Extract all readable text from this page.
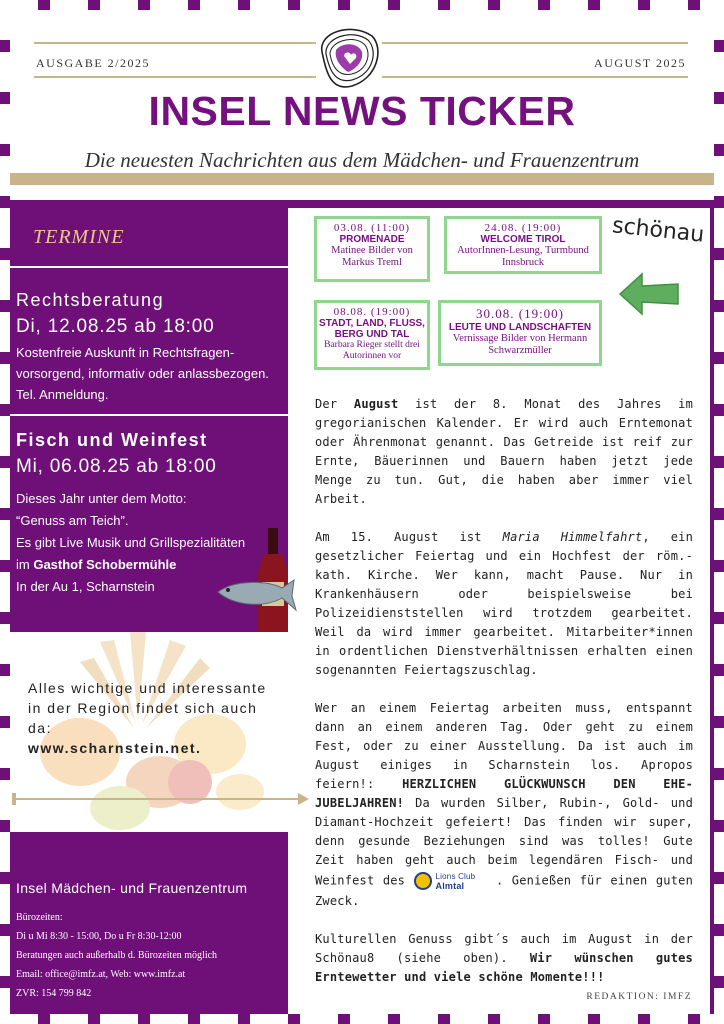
AUSGABE 2/2025	AUGUST 2025
INSEL NEWS TICKER
Die neuesten Nachrichten aus dem Mädchen- und Frauenzentrum
03.08. (11:00)
PROMENADE
Matinee Bilder von Markus Treml
24.08. (19:00)
WELCOME TIROL
AutorInnen-Lesung, Turmbund Innsbruck
08.08. (19:00)
STADT, LAND, FLUSS, BERG UND TAL
Barbara Rieger stellt drei Autorinnen vor
30.08. (19:00)
LEUTE UND LANDSCHAFTEN
Vernissage Bilder von Hermann Schwarzmüller
schönau

Der August ist der 8. Monat des Jahres im gregorianischen Kalender. Er wird auch Erntemonat oder Ährenmonat genannt. Das Getreide ist reif zur Ernte, Bäuerinnen und Bauern haben jetzt jede Menge zu tun. Gut, die haben aber immer viel Arbeit.

Am 15. August ist Maria Himmelfahrt, ein gesetzlicher Feiertag und ein Hochfest der röm.-kath. Kirche. Wer kann, macht Pause. Nur in Krankenhäusern oder beispielsweise bei Polizeidienststellen wird trotzdem gearbeitet. Weil da wird immer gearbeitet. Mitarbeiter*innen in ordentlichen Dienstverhältnissen erhalten einen sogenannten Feiertagszuschlag.

Wer an einem Feiertag arbeiten muss, entspannt dann an einem anderen Tag. Oder geht zu einem Fest, oder zu einer Ausstellung. Da ist auch im August einiges in Scharnstein los. Apropos feiern!: HERZLICHEN GLÜCKWUNSCH DEN EHE-JUBELJAHREN! Da wurden Silber, Rubin-, Gold- und Diamant-Hochzeit gefeiert! Das finden wir super, denn gesunde Beziehungen sind was tolles! Gute Zeit haben geht auch beim legendären Fisch- und Weinfest des	Lions Club
Almtal . Genießen für einen guten Zweck.

Kulturellen Genuss gibt´s auch im August in der Schönau8 (siehe oben). Wir wünschen gutes Erntewetter und viele schöne Momente!!!

REDAKTION: IMFZ
TERMINE
Rechtsberatung
Di, 12.08.25 ab 18:00
Kostenfreie Auskunft in Rechtsfragen- vorsorgend, informativ oder anlassbezogen. Tel. Anmeldung.
Fisch und Weinfest
Mi, 06.08.25 ab 18:00
Dieses Jahr unter dem Motto:
“Genuss am Teich”.
Es gibt Live Musik und Grillspezialitäten
im Gasthof Schobermühle
In der Au 1, Scharnstein
Alles wichtige und interessante in der Region findet sich auch da:
www.scharnstein.net.
Insel Mädchen- und Frauenzentrum
Bürozeiten:
Di u Mi 8:30 - 15:00, Do u Fr 8:30-12:00
Beratungen auch außerhalb d. Bürozeiten möglich
Email: office@imfz.at, Web: www.imfz.at
ZVR: 154 799 842
